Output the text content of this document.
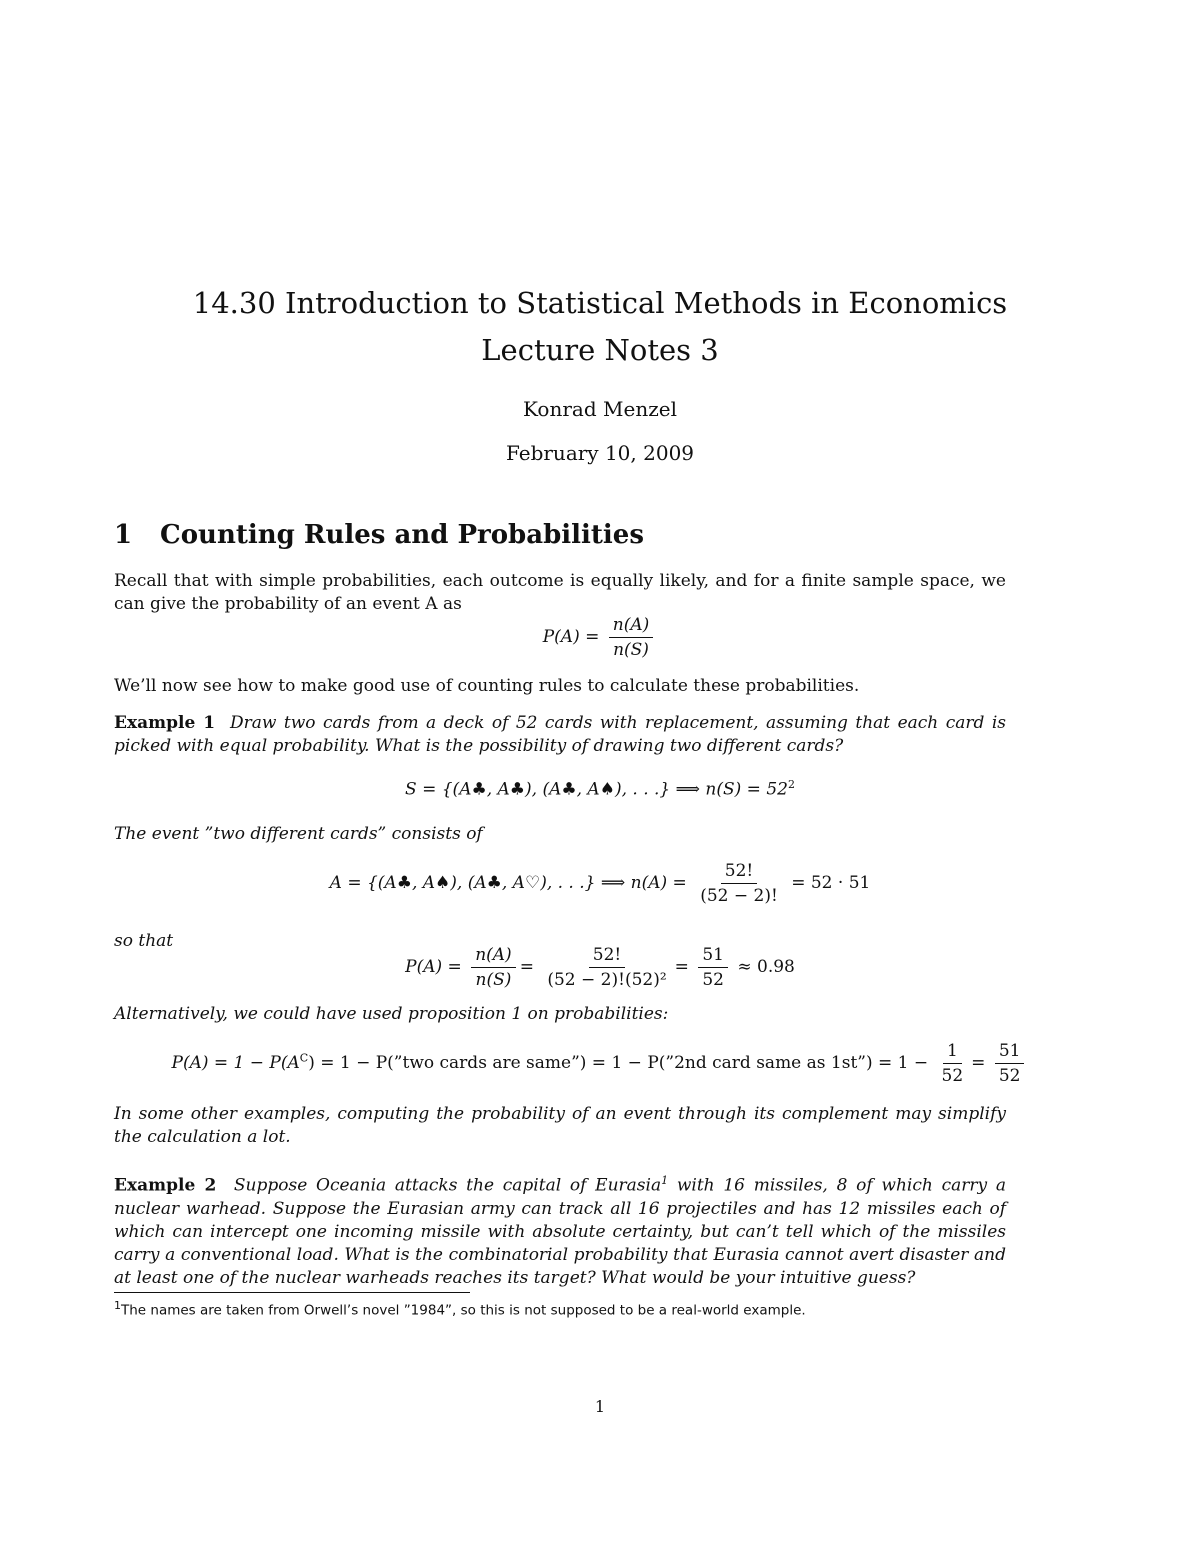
14.30 Introduction to Statistical Methods in Economics
Lecture Notes 3
Konrad Menzel
February 10, 2009
1 Counting Rules and Probabilities
Recall that with simple probabilities, each outcome is equally likely, and for a finite sample space, we can give the probability of an event A as
$P(A) = \frac{n(A)}{n(S)}$
We’ll now see how to make good use of counting rules to calculate these probabilities.
Example 1 Draw two cards from a deck of 52 cards with replacement, assuming that each card is picked with equal probability. What is the possibility of drawing two different cards?
S = {(A♣, A♣), (A♣, A♠), . . .} ⟹ $n(S) = 52^2$
The event ”two different cards” consists of
A = {(A♣, A♠), (A♣, A♡), . . .} ⟹ $n(A) = \frac{52!}{(52 - 2)!} = 52 \cdot 51$
so that
$P(A) = \frac{n(A)}{n(S)} = \frac{52!}{\text{(52 − 2)!(52)²}} = \frac{51}{52} \approx 0.98$
Alternatively, we could have used proposition 1 on probabilities:
$P(A) = 1 - P(A^C) = 1$ − P(”two cards are same”) = 1 − P(”2nd card same as 1st”) = $1 - \frac{1}{52} = \frac{51}{52}$
In some other examples, computing the probability of an event through its complement may simplify the calculation a lot.
Example 2 Suppose Oceania attacks the capital of Eurasia$^1$ with 16 missiles, 8 of which carry a nuclear warhead. Suppose the Eurasian army can track all 16 projectiles and has 12 missiles each of which can intercept one incoming missile with absolute certainty, but can’t tell which of the missiles carry a conventional load. What is the combinatorial probability that Eurasia cannot avert disaster and at least one of the nuclear warheads reaches its target? What would be your intuitive guess?
$^1$The names are taken from Orwell’s novel ”1984”, so this is not supposed to be a real-world example.
1
